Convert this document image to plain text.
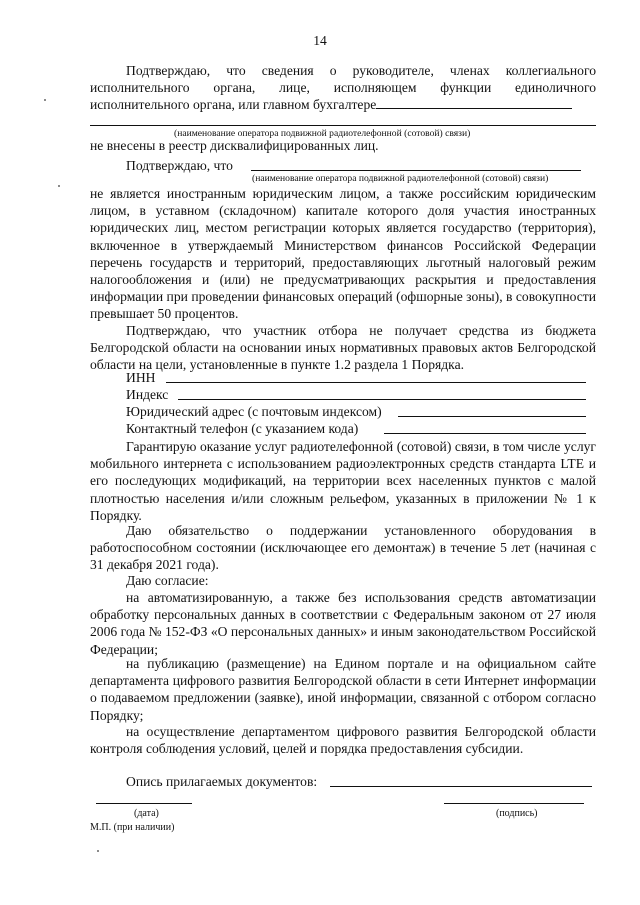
14
Подтверждаю, что сведения о руководителе, членах коллегиального исполнительного органа, лице, исполняющем функции единоличного исполнительного органа, или главном бухгалтере
(наименование оператора подвижной радиотелефонной (сотовой) связи)
не внесены в реестр дисквалифицированных лиц.
Подтверждаю, что
(наименование оператора подвижной радиотелефонной (сотовой) связи)
не является иностранным юридическим лицом, а также российским юридическим лицом, в уставном (складочном) капитале которого доля участия иностранных юридических лиц, местом регистрации которых является государство (территория), включенное в утверждаемый Министерством финансов Российской Федерации перечень государств и территорий, предоставляющих льготный налоговый режим налогообложения и (или) не предусматривающих раскрытия и предоставления информации при проведении финансовых операций (офшорные зоны), в совокупности превышает 50 процентов.
Подтверждаю, что участник отбора не получает средства из бюджета Белгородской области на основании иных нормативных правовых актов Белгородской области на цели, установленные в пункте 1.2 раздела 1 Порядка.
ИНН
Индекс
Юридический адрес (с почтовым индексом)
Контактный телефон (с указанием кода)
Гарантирую оказание услуг радиотелефонной (сотовой) связи, в том числе услуг мобильного интернета с использованием радиоэлектронных средств стандарта LTE и его последующих модификаций, на территории всех населенных пунктов с малой плотностью населения и/или сложным рельефом, указанных в приложении № 1 к Порядку.
Даю обязательство о поддержании установленного оборудования в работоспособном состоянии (исключающее его демонтаж) в течение 5 лет (начиная с 31 декабря 2021 года).
Даю согласие:
на автоматизированную, а также без использования средств автоматизации обработку персональных данных в соответствии с Федеральным законом от 27 июля 2006 года № 152-ФЗ «О персональных данных» и иным законодательством Российской Федерации;
на публикацию (размещение) на Едином портале и на официальном сайте департамента цифрового развития Белгородской области в сети Интернет информации о подаваемом предложении (заявке), иной информации, связанной с отбором согласно Порядку;
на осуществление департаментом цифрового развития Белгородской области контроля соблюдения условий, целей и порядка предоставления субсидии.
Опись прилагаемых документов:
(дата)	(подпись)
М.П. (при наличии)
